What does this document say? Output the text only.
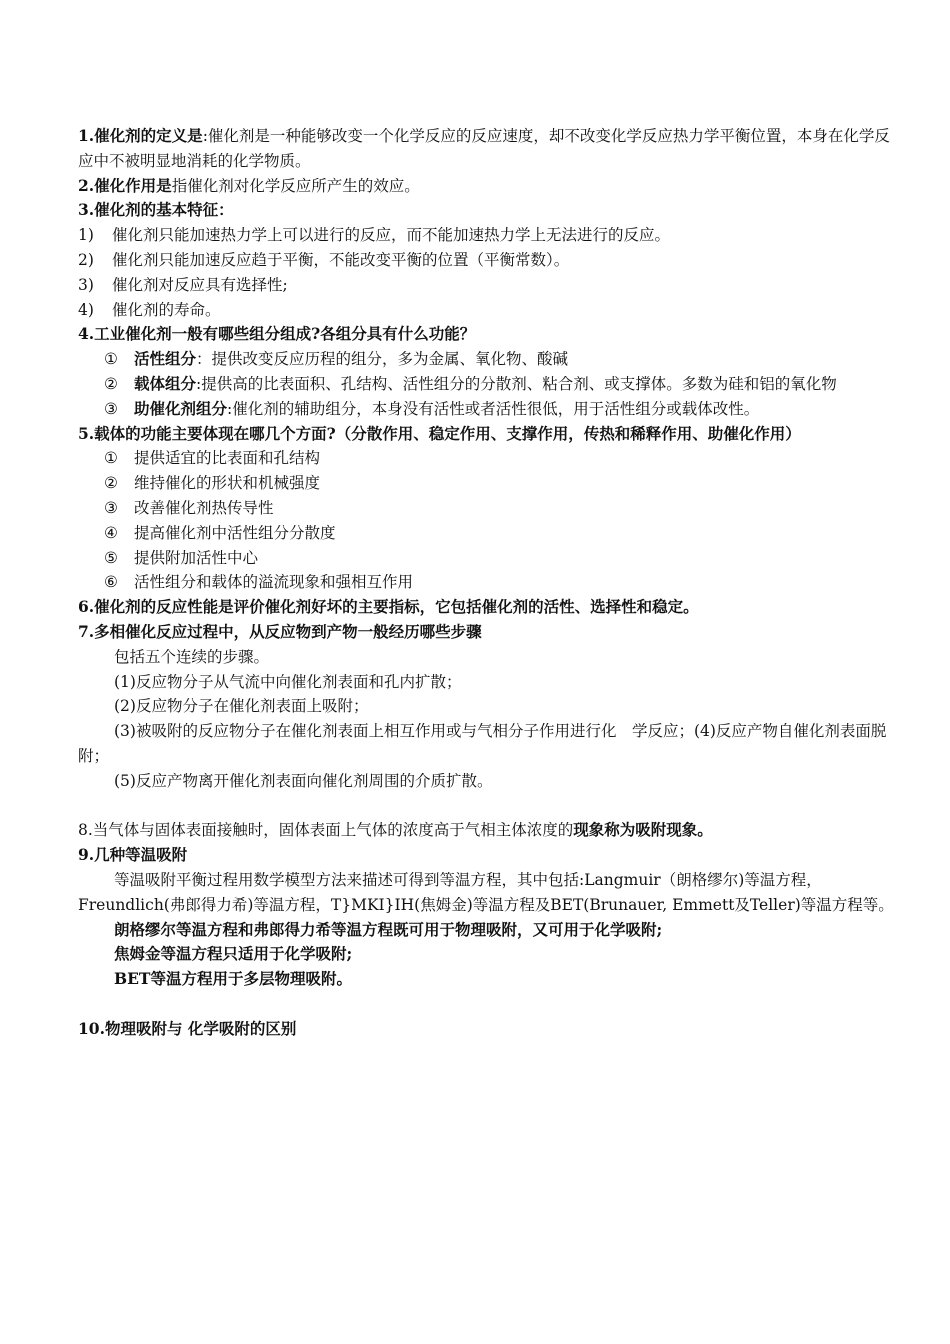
1.催化剂的定义是:催化剂是一种能够改变一个化学反应的反应速度，却不改变化学反应热力学平衡位置，本身在化学反应中不被明显地消耗的化学物质。
2.催化作用是指催化剂对化学反应所产生的效应。
3.催化剂的基本特征：
1)	催化剂只能加速热力学上可以进行的反应，而不能加速热力学上无法进行的反应。
2)	催化剂只能加速反应趋于平衡，不能改变平衡的位置（平衡常数）。
3)	催化剂对反应具有选择性;
4)	催化剂的寿命。
4.工业催化剂一般有哪些组分组成?各组分具有什么功能？
①	活性组分：提供改变反应历程的组分，多为金属、氧化物、酸碱
②	载体组分:提供高的比表面积、孔结构、活性组分的分散剂、粘合剂、或支撑体。多数为硅和铝的氧化物
③	助催化剂组分:催化剂的辅助组分，本身没有活性或者活性很低，用于活性组分或载体改性。
5.载体的功能主要体现在哪几个方面?（分散作用、稳定作用、支撑作用，传热和稀释作用、助催化作用）
①	提供适宜的比表面和孔结构
②	维持催化的形状和机械强度
③	改善催化剂热传导性
④	提高催化剂中活性组分分散度
⑤	提供附加活性中心
⑥	活性组分和载体的溢流现象和强相互作用
6.催化剂的反应性能是评价催化剂好坏的主要指标，它包括催化剂的活性、选择性和稳定。
7.多相催化反应过程中，从反应物到产物一般经历哪些步骤
包括五个连续的步骤。
(1)反应物分子从气流中向催化剂表面和孔内扩散；
(2)反应物分子在催化剂表面上吸附；
(3)被吸附的反应物分子在催化剂表面上相互作用或与气相分子作用进行化　学反应；(4)反应产物自催化剂表面脱附；
(5)反应产物离开催化剂表面向催化剂周围的介质扩散。
8.当气体与固体表面接触时，固体表面上气体的浓度高于气相主体浓度的现象称为吸附现象。
9.几种等温吸附
等温吸附平衡过程用数学模型方法来描述可得到等温方程，其中包括:Langmuir（朗格缪尔)等温方程，Freundlich(弗郎得力希)等温方程，T}MKI}IH(焦姆金)等温方程及BET(Brunauer, Emmett及Teller)等温方程等。
朗格缪尔等温方程和弗郎得力希等温方程既可用于物理吸附，又可用于化学吸附;
焦姆金等温方程只适用于化学吸附;
BET等温方程用于多层物理吸附。
10.物理吸附与 化学吸附的区别
